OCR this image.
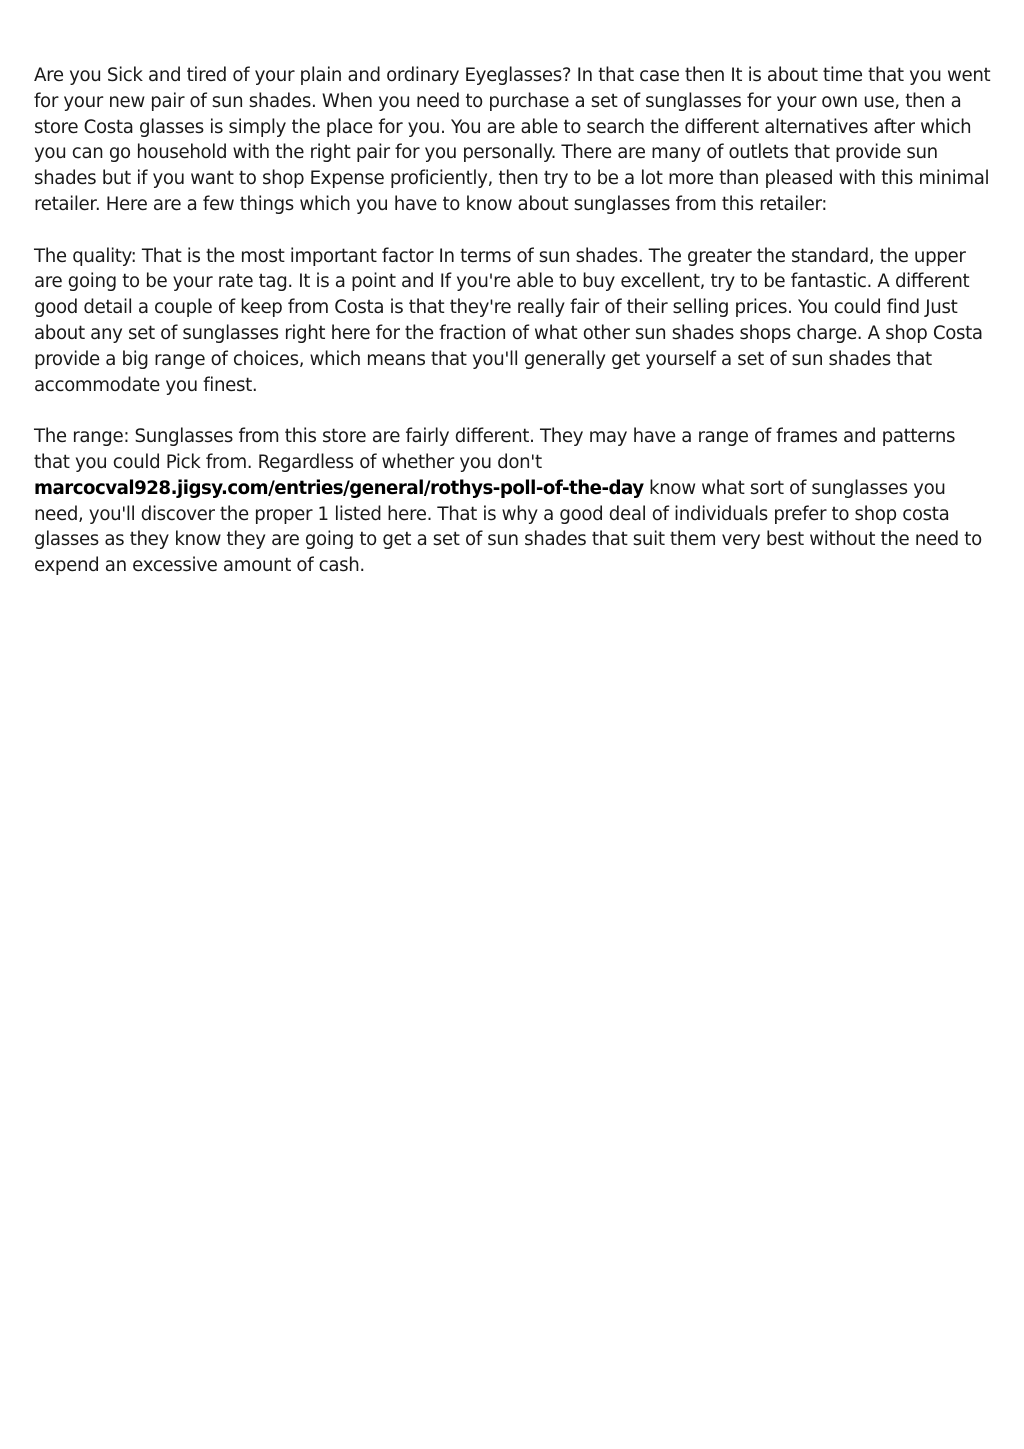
Are you Sick and tired of your plain and ordinary Eyeglasses? In that case then It is about time that you went for your new pair of sun shades. When you need to purchase a set of sunglasses for your own use, then a store Costa glasses is simply the place for you. You are able to search the different alternatives after which you can go household with the right pair for you personally. There are many of outlets that provide sun shades but if you want to shop Expense proficiently, then try to be a lot more than pleased with this minimal retailer. Here are a few things which you have to know about sunglasses from this retailer:

The quality: That is the most important factor In terms of sun shades. The greater the standard, the upper are going to be your rate tag. It is a point and If you're able to buy excellent, try to be fantastic. A different good detail a couple of keep from Costa is that they're really fair of their selling prices. You could find Just about any set of sunglasses right here for the fraction of what other sun shades shops charge. A shop Costa provide a big range of choices, which means that you'll generally get yourself a set of sun shades that accommodate you finest.

The range: Sunglasses from this store are fairly different. They may have a range of frames and patterns that you could Pick from. Regardless of whether you don't marcocval928.jigsy.com/entries/general/rothys-poll-of-the-day know what sort of sunglasses you need, you'll discover the proper 1 listed here. That is why a good deal of individuals prefer to shop costa glasses as they know they are going to get a set of sun shades that suit them very best without the need to expend an excessive amount of cash.
